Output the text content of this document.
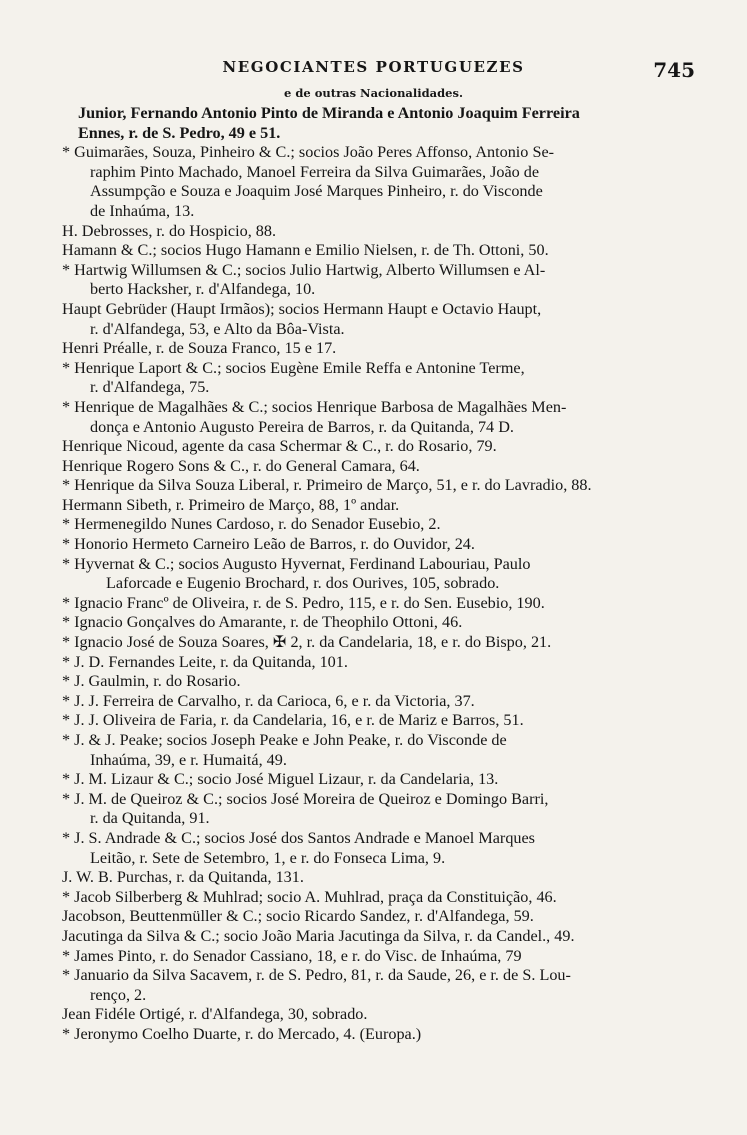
NEGOCIANTES PORTUGUEZES	745
e de outras Nacionalidades.
Junior, Fernando Antonio Pinto de Miranda e Antonio Joaquim Ferreira
Ennes, r. de S. Pedro, 49 e 51.
* Guimarães, Souza, Pinheiro & C.; socios João Peres Affonso, Antonio Se-
raphim Pinto Machado, Manoel Ferreira da Silva Guimarães, João de
Assumpção e Souza e Joaquim José Marques Pinheiro, r. do Visconde
de Inhaúma, 13.
H. Debrosses, r. do Hospicio, 88.
Hamann & C.; socios Hugo Hamann e Emilio Nielsen, r. de Th. Ottoni, 50.
* Hartwig Willumsen & C.; socios Julio Hartwig, Alberto Willumsen e Al-
berto Hacksher, r. d'Alfandega, 10.
Haupt Gebrüder (Haupt Irmãos); socios Hermann Haupt e Octavio Haupt,
r. d'Alfandega, 53, e Alto da Bôa-Vista.
Henri Préalle, r. de Souza Franco, 15 e 17.
* Henrique Laport & C.; socios Eugène Emile Reffa e Antonine Terme,
r. d'Alfandega, 75.
* Henrique de Magalhães & C.; socios Henrique Barbosa de Magalhães Men-
donça e Antonio Augusto Pereira de Barros, r. da Quitanda, 74 D.
Henrique Nicoud, agente da casa Schermar & C., r. do Rosario, 79.
Henrique Rogero Sons & C., r. do General Camara, 64.
* Henrique da Silva Souza Liberal, r. Primeiro de Março, 51, e r. do Lavradio, 88.
Hermann Sibeth, r. Primeiro de Março, 88, 1º andar.
* Hermenegildo Nunes Cardoso, r. do Senador Eusebio, 2.
* Honorio Hermeto Carneiro Leão de Barros, r. do Ouvidor, 24.
* Hyvernat & C.; socios Augusto Hyvernat, Ferdinand Labouriau, Paulo
Laforcade e Eugenio Brochard, r. dos Ourives, 105, sobrado.
* Ignacio Francº de Oliveira, r. de S. Pedro, 115, e r. do Sen. Eusebio, 190.
* Ignacio Gonçalves do Amarante, r. de Theophilo Ottoni, 46.
* Ignacio José de Souza Soares, ✠ 2, r. da Candelaria, 18, e r. do Bispo, 21.
* J. D. Fernandes Leite, r. da Quitanda, 101.
* J. Gaulmin, r. do Rosario.
* J. J. Ferreira de Carvalho, r. da Carioca, 6, e r. da Victoria, 37.
* J. J. Oliveira de Faria, r. da Candelaria, 16, e r. de Mariz e Barros, 51.
* J. & J. Peake; socios Joseph Peake e John Peake, r. do Visconde de
Inhaúma, 39, e r. Humaitá, 49.
* J. M. Lizaur & C.; socio José Miguel Lizaur, r. da Candelaria, 13.
* J. M. de Queiroz & C.; socios José Moreira de Queiroz e Domingo Barri,
r. da Quitanda, 91.
* J. S. Andrade & C.; socios José dos Santos Andrade e Manoel Marques
Leitão, r. Sete de Setembro, 1, e r. do Fonseca Lima, 9.
J. W. B. Purchas, r. da Quitanda, 131.
* Jacob Silberberg & Muhlrad; socio A. Muhlrad, praça da Constituição, 46.
Jacobson, Beuttenmüller & C.; socio Ricardo Sandez, r. d'Alfandega, 59.
Jacutinga da Silva & C.; socio João Maria Jacutinga da Silva, r. da Candel., 49.
* James Pinto, r. do Senador Cassiano, 18, e r. do Visc. de Inhaúma, 79
* Januario da Silva Sacavem, r. de S. Pedro, 81, r. da Saude, 26, e r. de S. Lou-
renço, 2.
Jean Fidéle Ortigé, r. d'Alfandega, 30, sobrado.
* Jeronymo Coelho Duarte, r. do Mercado, 4. (Europa.)
